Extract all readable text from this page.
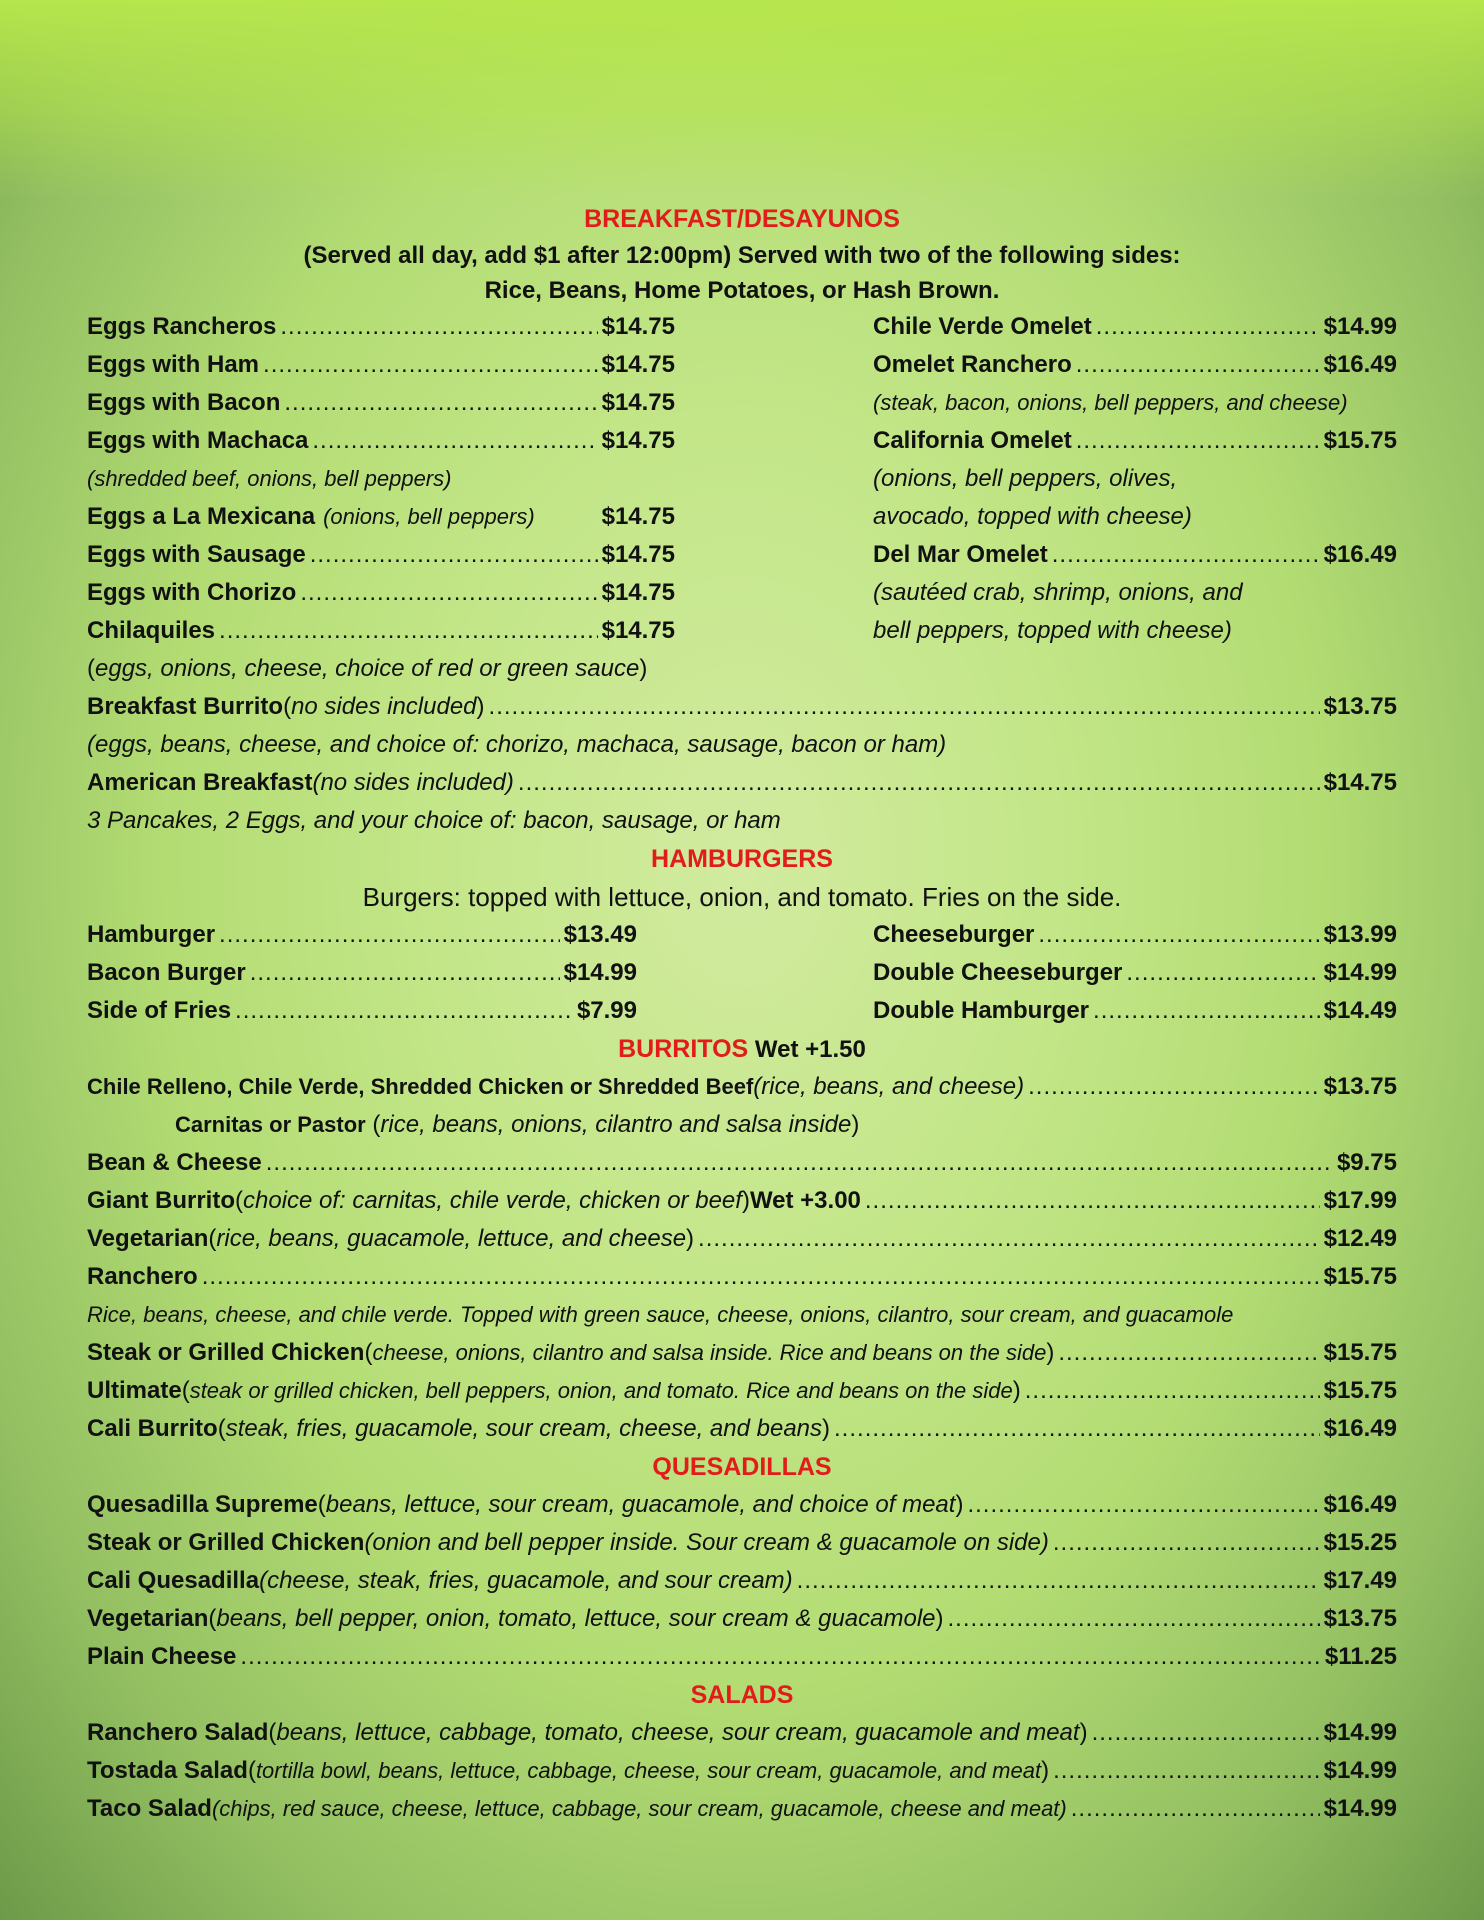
BREAKFAST/DESAYUNOS
(Served all day, add $1 after 12:00pm) Served with two of the following sides:
Rice, Beans, Home Potatoes, or Hash Brown.
Eggs Rancheros .....	$14.75
Eggs with Ham .....	$14.75
Eggs with Bacon .....	$14.75
Eggs with Machaca .....	$14.75
(shredded beef, onions, bell peppers)
Eggs a La Mexicana (onions, bell peppers)	$14.75
Eggs with Sausage .....	$14.75
Eggs with Chorizo .....	$14.75
Chilaquiles .....	$14.75
Chile Verde Omelet .....	$14.99
Omelet Ranchero .....	$16.49
(steak, bacon, onions, bell peppers, and cheese)
California Omelet .....	$15.75
(onions, bell peppers, olives,
avocado, topped with cheese)
Del Mar Omelet .....	$16.49
(sautéed crab, shrimp, onions, and
bell peppers, topped with cheese)
(eggs, onions, cheese, choice of red or green sauce)
Breakfast Burrito ( no sides included ) .....	$13.75
(eggs, beans, cheese, and choice of: chorizo, machaca, sausage, bacon or ham)
American Breakfast (no sides included) .....	$14.75
3 Pancakes, 2 Eggs, and your choice of: bacon, sausage, or ham
HAMBURGERS
Burgers: topped with lettuce, onion, and tomato. Fries on the side.
Hamburger .....	$13.49
Bacon Burger .....	$14.99
Side of Fries .....	$7.99
Cheeseburger .....	$13.99
Double Cheeseburger .....	$14.99
Double Hamburger .....	$14.49
BURRITOS Wet +1.50
Chile Relleno, Chile Verde, Shredded Chicken or Shredded Beef (rice, beans, and cheese) .....	$13.75
Carnitas or Pastor (rice, beans, onions, cilantro and salsa inside)
Bean & Cheese .....	$9.75
Giant Burrito ( choice of: carnitas, chile verde, chicken or beef ) Wet +3.00 .....	$17.99
Vegetarian ( rice, beans, guacamole, lettuce, and cheese ) .....	$12.49
Ranchero .....	$15.75
Rice, beans, cheese, and chile verde. Topped with green sauce, cheese, onions, cilantro, sour cream, and guacamole
Steak or Grilled Chicken ( cheese, onions, cilantro and salsa inside. Rice and beans on the side ) .....	$15.75
Ultimate ( steak or grilled chicken, bell peppers, onion, and tomato. Rice and beans on the side ) .....	$15.75
Cali Burrito ( steak, fries, guacamole, sour cream, cheese, and beans ) .....	$16.49
QUESADILLAS
Quesadilla Supreme ( beans, lettuce, sour cream, guacamole, and choice of meat ) .....	$16.49
Steak or Grilled Chicken (onion and bell pepper inside. Sour cream & guacamole on side) .....	$15.25
Cali Quesadilla (cheese, steak, fries, guacamole, and sour cream) .....	$17.49
Vegetarian ( beans, bell pepper, onion, tomato, lettuce, sour cream & guacamole ) .....	$13.75
Plain Cheese .....	$11.25
SALADS
Ranchero Salad ( beans, lettuce, cabbage, tomato, cheese, sour cream, guacamole and meat ) .....	$14.99
Tostada Salad ( tortilla bowl, beans, lettuce, cabbage, cheese, sour cream, guacamole, and meat ) .....	$14.99
Taco Salad (chips, red sauce, cheese, lettuce, cabbage, sour cream, guacamole, cheese and meat) .....	$14.99
